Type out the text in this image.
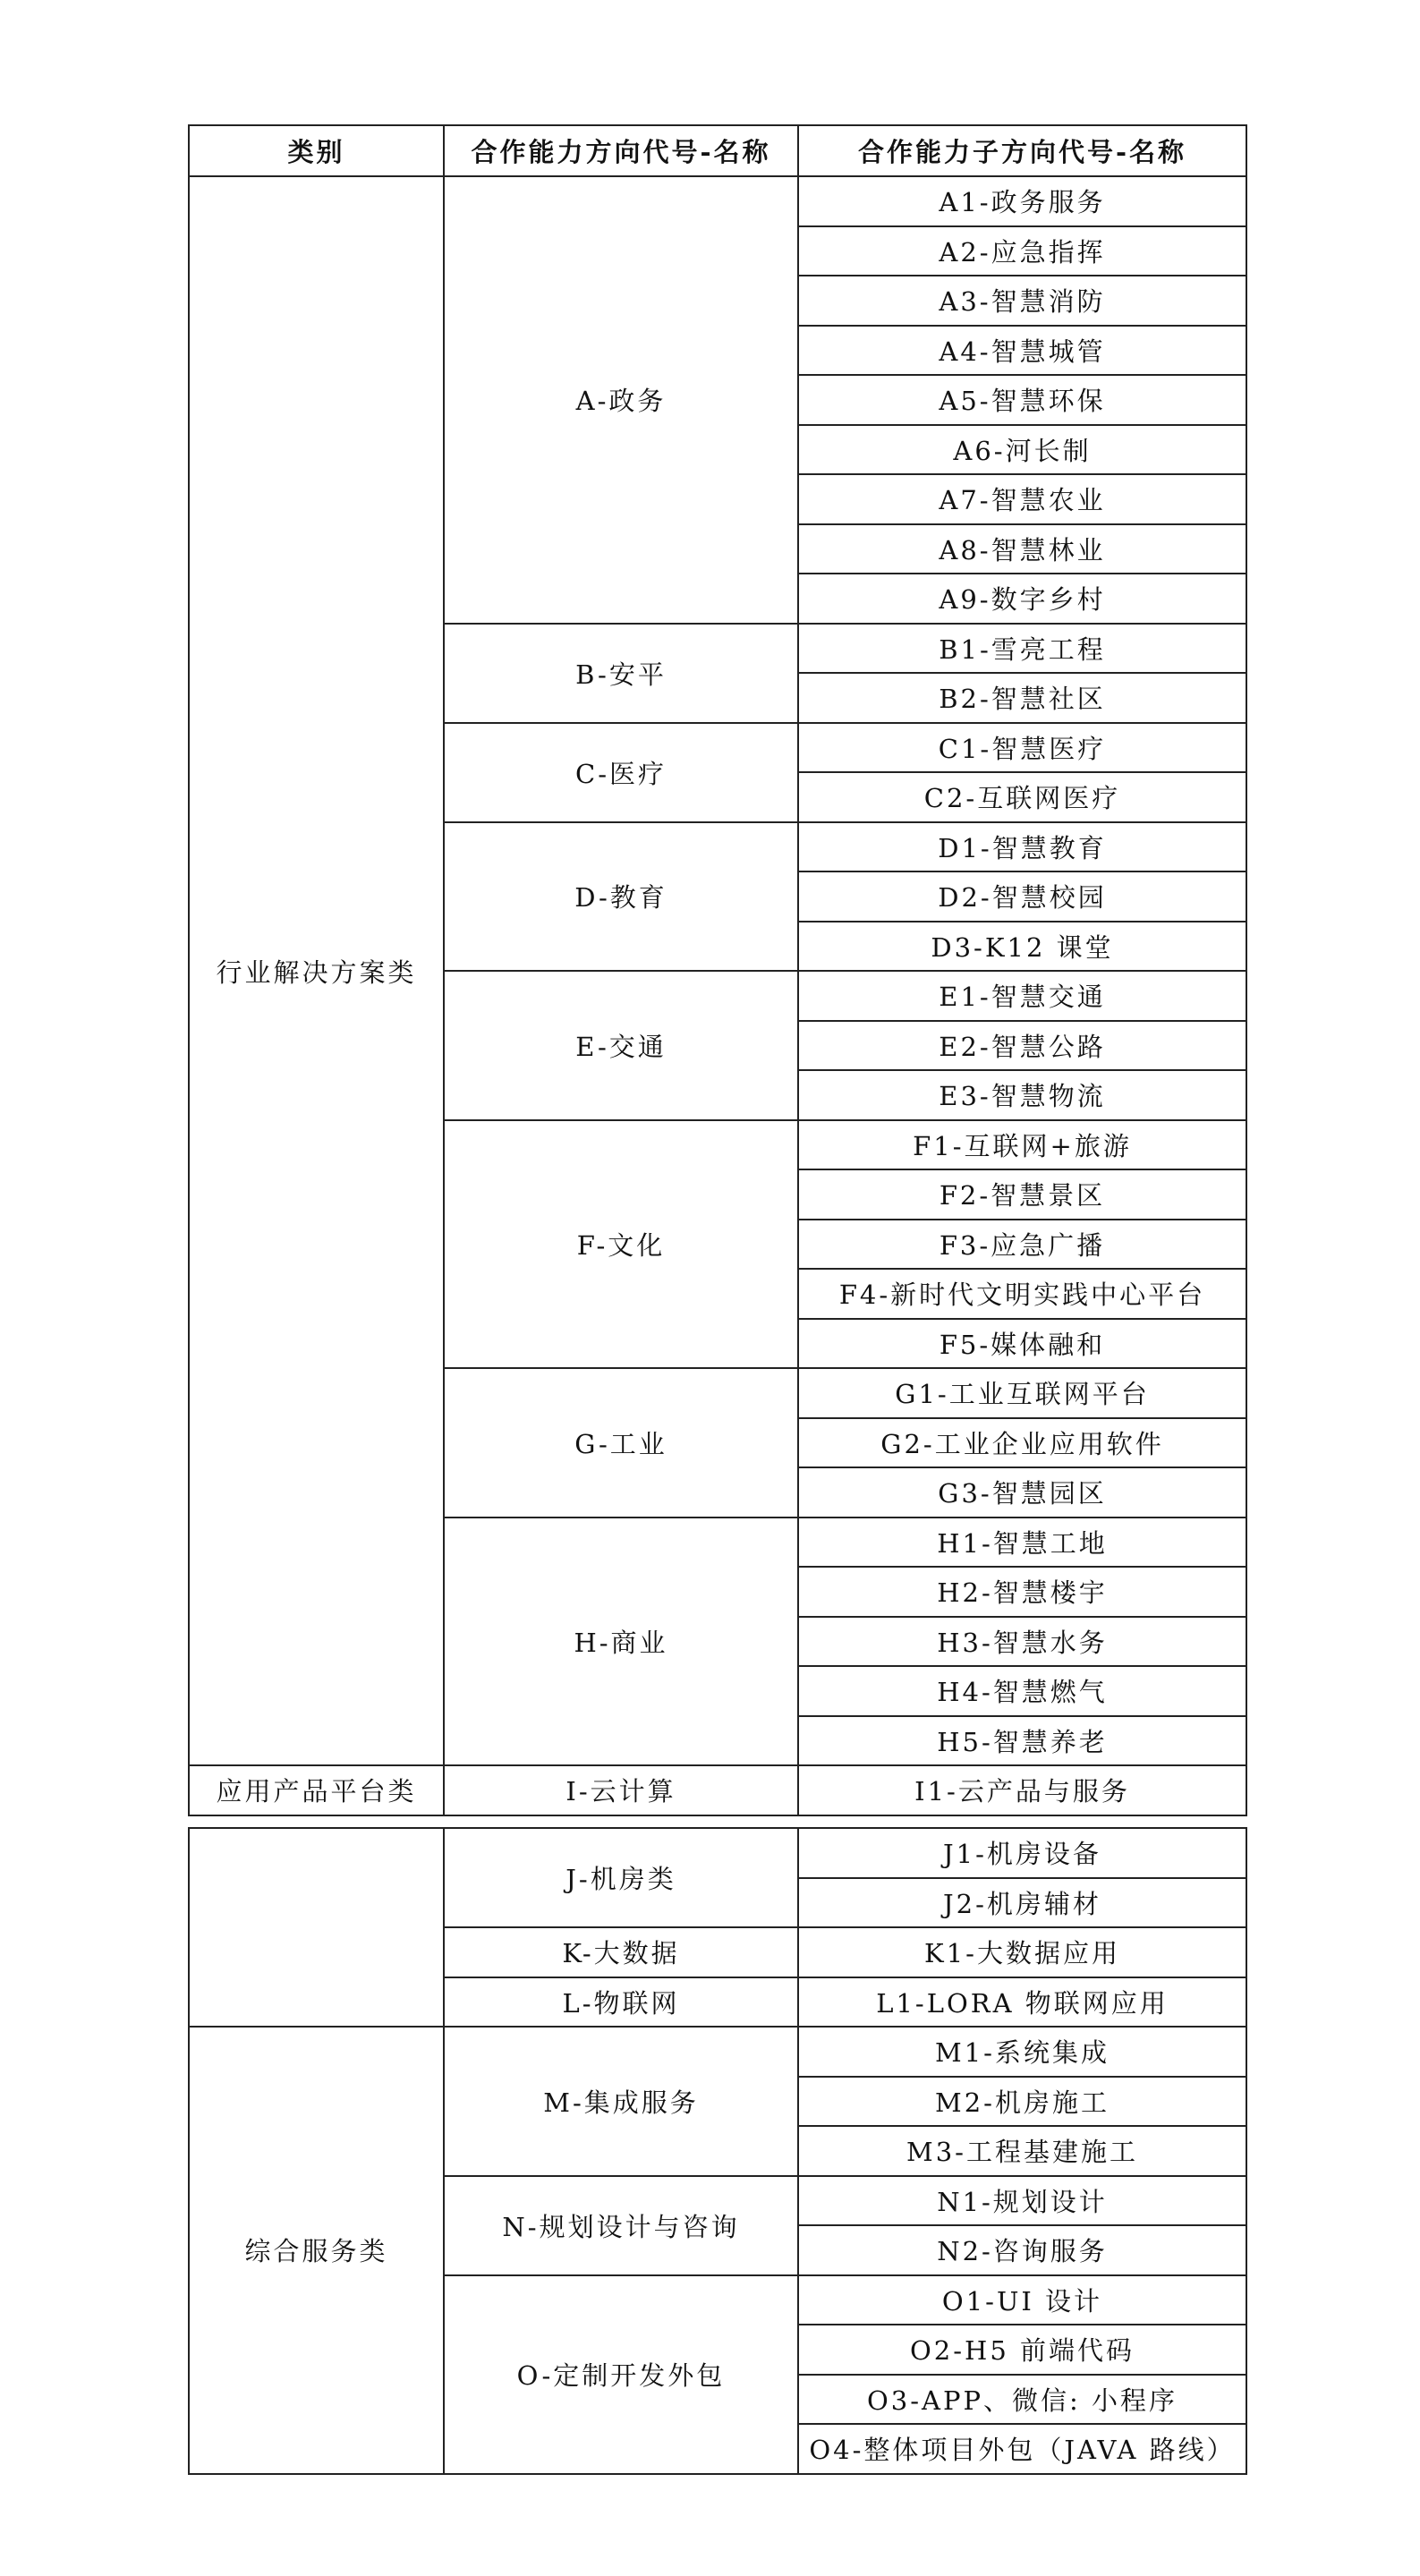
类别	合作能力方向代号-名称	合作能力子方向代号-名称
行业解决方案类	A-政务	A1-政务服务
		A2-应急指挥
		A3-智慧消防
		A4-智慧城管
		A5-智慧环保
		A6-河长制
		A7-智慧农业
		A8-智慧林业
		A9-数字乡村
	B-安平	B1-雪亮工程
		B2-智慧社区
	C-医疗	C1-智慧医疗
		C2-互联网医疗
	D-教育	D1-智慧教育
		D2-智慧校园
		D3-K12 课堂
	E-交通	E1-智慧交通
		E2-智慧公路
		E3-智慧物流
	F-文化	F1-互联网+旅游
		F2-智慧景区
		F3-应急广播
		F4-新时代文明实践中心平台
		F5-媒体融和
	G-工业	G1-工业互联网平台
		G2-工业企业应用软件
		G3-智慧园区
	H-商业	H1-智慧工地
		H2-智慧楼宇
		H3-智慧水务
		H4-智慧燃气
		H5-智慧养老
应用产品平台类	I-云计算	I1-云产品与服务
	J-机房类	J1-机房设备
		J2-机房辅材
	K-大数据	K1-大数据应用
	L-物联网	L1-LORA 物联网应用
综合服务类	M-集成服务	M1-系统集成
		M2-机房施工
		M3-工程基建施工
	N-规划设计与咨询	N1-规划设计
		N2-咨询服务
	O-定制开发外包	O1-UI 设计
		O2-H5 前端代码
		O3-APP、微信: 小程序
		O4-整体项目外包（JAVA 路线）
